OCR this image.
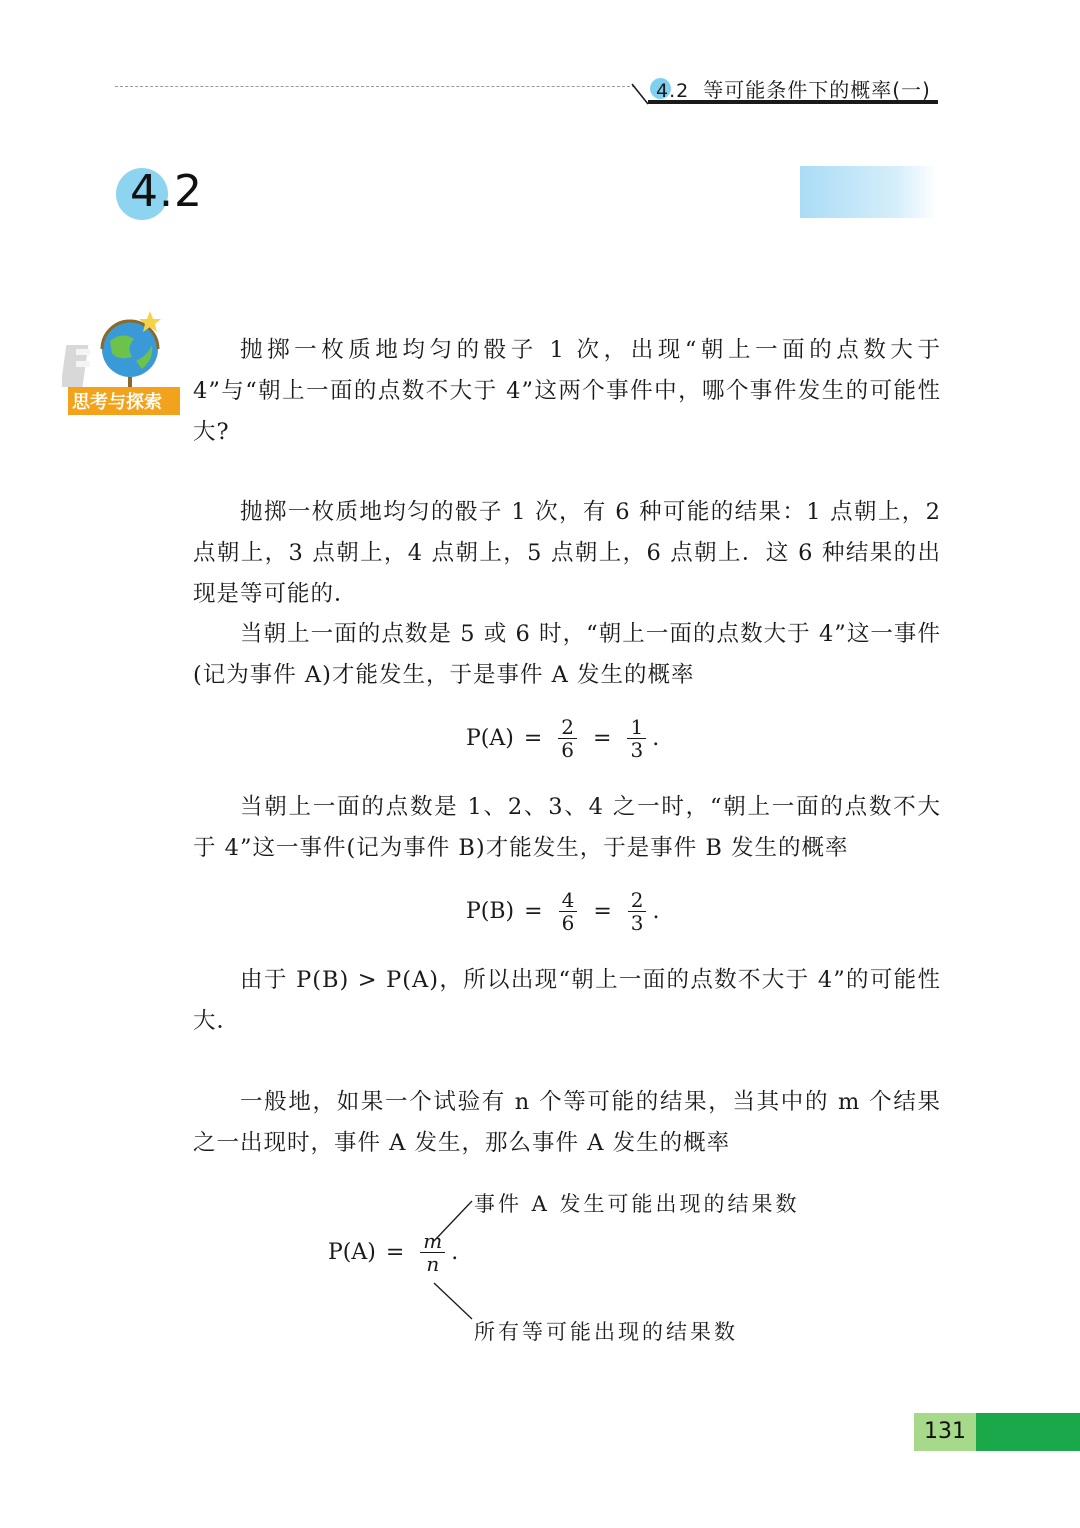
4.2 等可能条件下的概率(一)
4.2
思考与探索

抛掷一枚质地均匀的骰子 1 次，出现“朝上一面的点数大于 4”与“朝上一面的点数不大于 4”这两个事件中，哪个事件发生的可能性大?

抛掷一枚质地均匀的骰子 1 次，有 6 种可能的结果：1 点朝上，2 点朝上，3 点朝上，4 点朝上，5 点朝上，6 点朝上．这 6 种结果的出现是等可能的．

当朝上一面的点数是 5 或 6 时，“朝上一面的点数大于 4”这一事件(记为事件 A)才能发生，于是事件 A 发生的概率

$P(A) = \frac{2}{6} = \frac{1}{3}$ .

当朝上一面的点数是 1、2、3、4 之一时，“朝上一面的点数不大于 4”这一事件(记为事件 B)才能发生，于是事件 B 发生的概率

$P(B) = \frac{4}{6} = \frac{2}{3}$ .

由于 P(B) > P(A)，所以出现“朝上一面的点数不大于 4”的可能性大．

一般地，如果一个试验有 n 个等可能的结果，当其中的 m 个结果之一出现时，事件 A 发生，那么事件 A 发生的概率

$P(A) = \frac{m}{n}$ .
事件 A 发生可能出现的结果数
所有等可能出现的结果数
131
